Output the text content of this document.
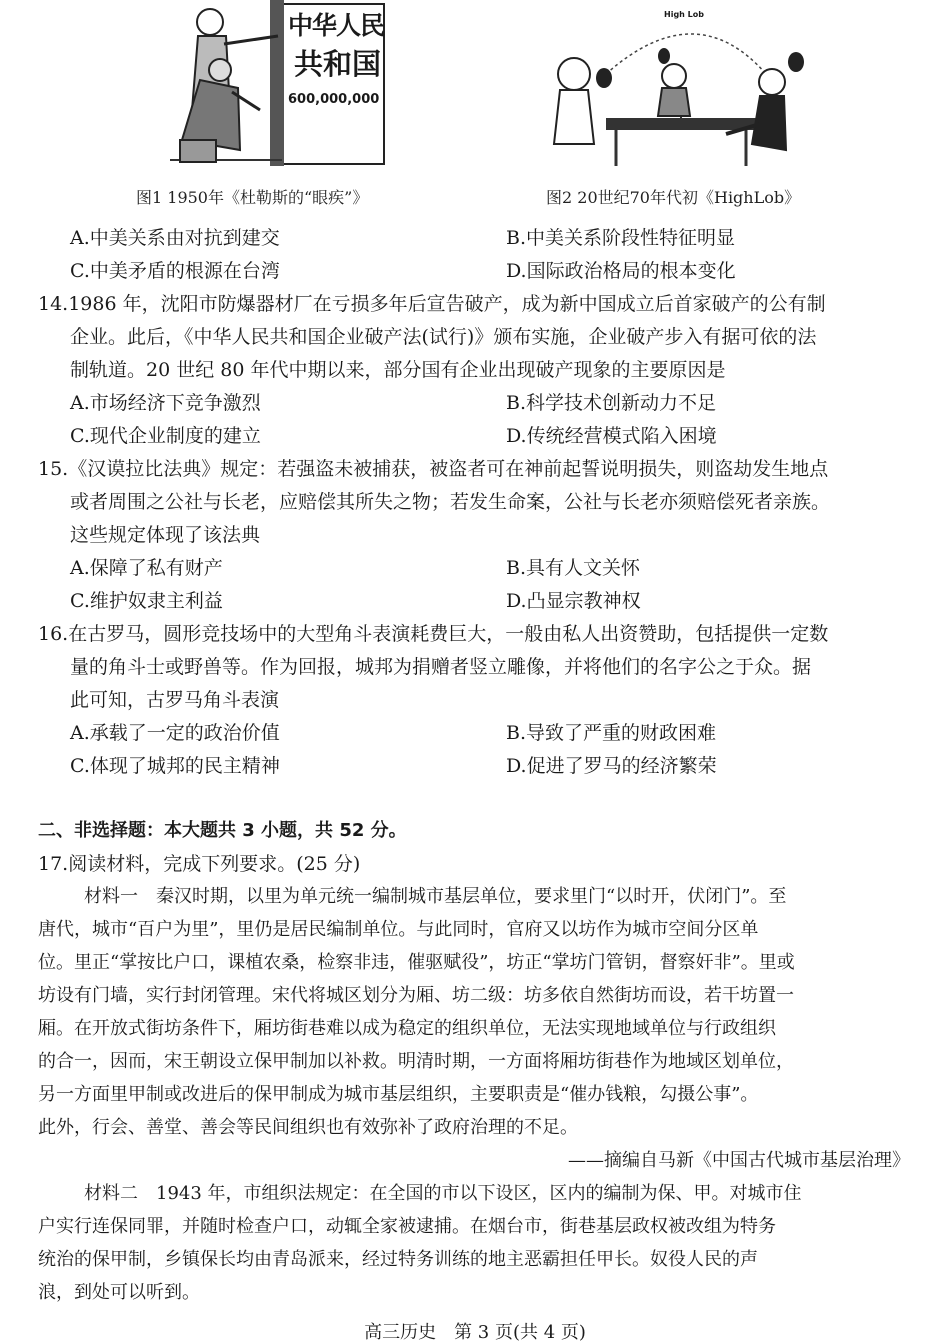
中华人民
共和国
600,000,000
图1 1950年《杜勒斯的“眼疾”》
High Lob
图2 20世纪70年代初《HighLob》
A.中美关系由对抗到建交	B.中美关系阶段性特征明显
C.中美矛盾的根源在台湾	D.国际政治格局的根本变化
14.1986 年，沈阳市防爆器材厂在亏损多年后宣告破产，成为新中国成立后首家破产的公有制
企业。此后，《中华人民共和国企业破产法(试行)》颁布实施，企业破产步入有据可依的法
制轨道。20 世纪 80 年代中期以来，部分国有企业出现破产现象的主要原因是
A.市场经济下竞争激烈	B.科学技术创新动力不足
C.现代企业制度的建立	D.传统经营模式陷入困境
15.《汉谟拉比法典》规定：若强盗未被捕获，被盗者可在神前起誓说明损失，则盗劫发生地点
或者周围之公社与长老，应赔偿其所失之物；若发生命案，公社与长老亦须赔偿死者亲族。
这些规定体现了该法典
A.保障了私有财产	B.具有人文关怀
C.维护奴隶主利益	D.凸显宗教神权
16.在古罗马，圆形竞技场中的大型角斗表演耗费巨大，一般由私人出资赞助，包括提供一定数
量的角斗士或野兽等。作为回报，城邦为捐赠者竖立雕像，并将他们的名字公之于众。据
此可知，古罗马角斗表演
A.承载了一定的政治价值	B.导致了严重的财政困难
C.体现了城邦的民主精神	D.促进了罗马的经济繁荣
二、非选择题：本大题共 3 小题，共 52 分。
17.阅读材料，完成下列要求。(25 分)
材料一　秦汉时期，以里为单元统一编制城市基层单位，要求里门“以时开，伏闭门”。至
唐代，城市“百户为里”，里仍是居民编制单位。与此同时，官府又以坊作为城市空间分区单
位。里正“掌按比户口，课植农桑，检察非违，催驱赋役”，坊正“掌坊门管钥，督察奸非”。里或
坊设有门墙，实行封闭管理。宋代将城区划分为厢、坊二级：坊多依自然街坊而设，若干坊置一
厢。在开放式街坊条件下，厢坊街巷难以成为稳定的组织单位，无法实现地域单位与行政组织
的合一，因而，宋王朝设立保甲制加以补救。明清时期，一方面将厢坊街巷作为地域区划单位，
另一方面里甲制或改进后的保甲制成为城市基层组织，主要职责是“催办钱粮，勾摄公事”。
此外，行会、善堂、善会等民间组织也有效弥补了政府治理的不足。
——摘编自马新《中国古代城市基层治理》
材料二　1943 年，市组织法规定：在全国的市以下设区，区内的编制为保、甲。对城市住
户实行连保同罪，并随时检查户口，动辄全家被逮捕。在烟台市，街巷基层政权被改组为特务
统治的保甲制，乡镇保长均由青岛派来，经过特务训练的地主恶霸担任甲长。奴役人民的声
浪，到处可以听到。
高三历史　第 3 页(共 4 页)
